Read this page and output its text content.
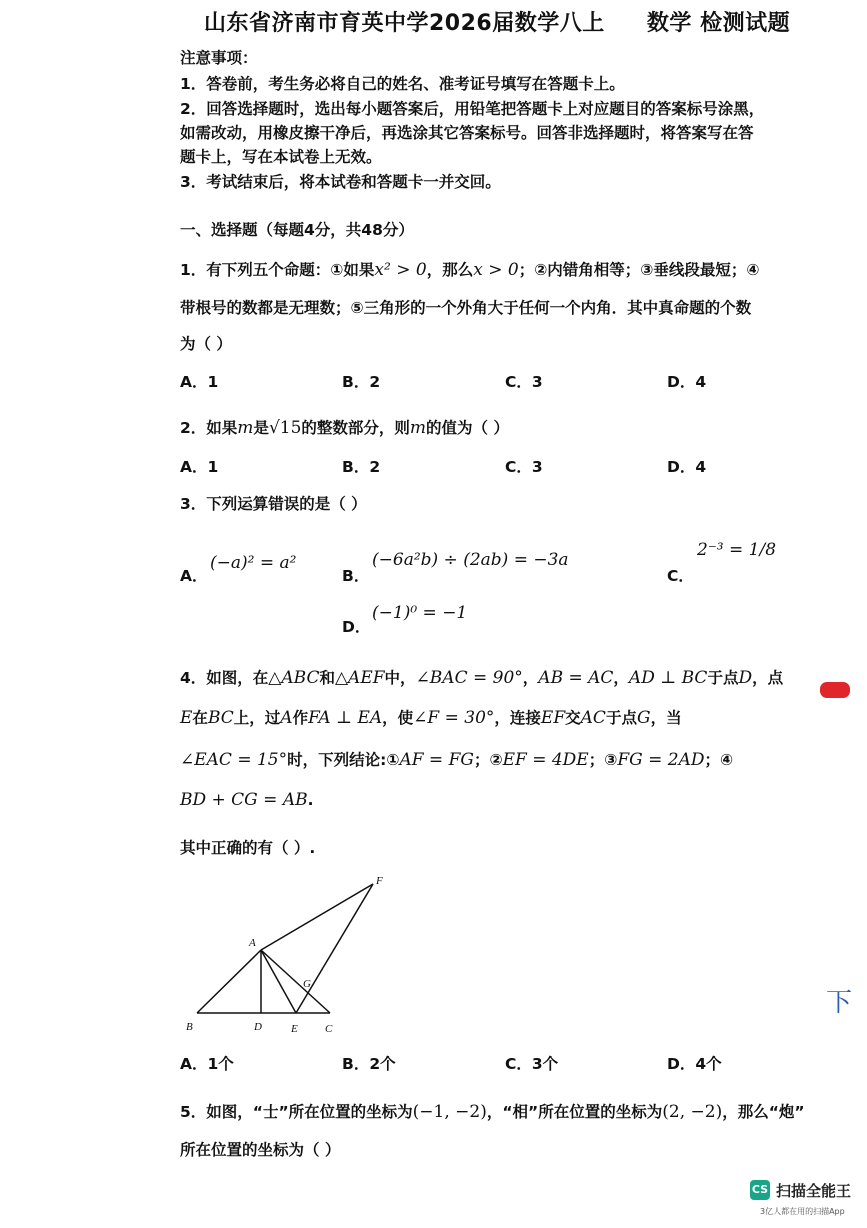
山东省济南市育英中学2026届数学八上 数学 检测试题
注意事项：
1．答卷前，考生务必将自己的姓名、准考证号填写在答题卡上。
2．回答选择题时，选出每小题答案后，用铅笔把答题卡上对应题目的答案标号涂黑，
如需改动，用橡皮擦干净后，再选涂其它答案标号。回答非选择题时，将答案写在答
题卡上，写在本试卷上无效。
3．考试结束后，将本试卷和答题卡一并交回。
一、选择题（每题4分，共48分）
1．有下列五个命题：①如果x² > 0，那么x > 0；②内错角相等；③垂线段最短；④
带根号的数都是无理数；⑤三角形的一个外角大于任何一个内角．其中真命题的个数
为（ ）
A．1	B．2	C．3	D．4
2．如果m是√15的整数部分，则m的值为（ ）
A．1	B．2	C．3	D．4
3．下列运算错误的是（ ）
A．
(−a)² = a²
B．
(−6a²b) ÷ (2ab) = −3a
C．
2⁻³ = 1/8
D．
(−1)⁰ = −1
4．如图，在△ABC和△AEF中，∠BAC = 90°，AB = AC，AD ⊥ BC于点D，点
E在BC上，过A作FA ⊥ EA，使∠F = 30°，连接EF交AC于点G，当
∠EAC = 15°时，下列结论:①AF = FG；②EF = 4DE；③FG = 2AD；④
BD + CG = AB.
其中正确的有（ ）.
F
A
G
B	D	E C
A．1个	B．2个	C．3个	D．4个
5．如图，“士”所在位置的坐标为(−1, −2)，“相”所在位置的坐标为(2, −2)，那么“炮”
所在位置的坐标为（ ）
下
CS 扫描全能王
3亿人都在用的扫描App
